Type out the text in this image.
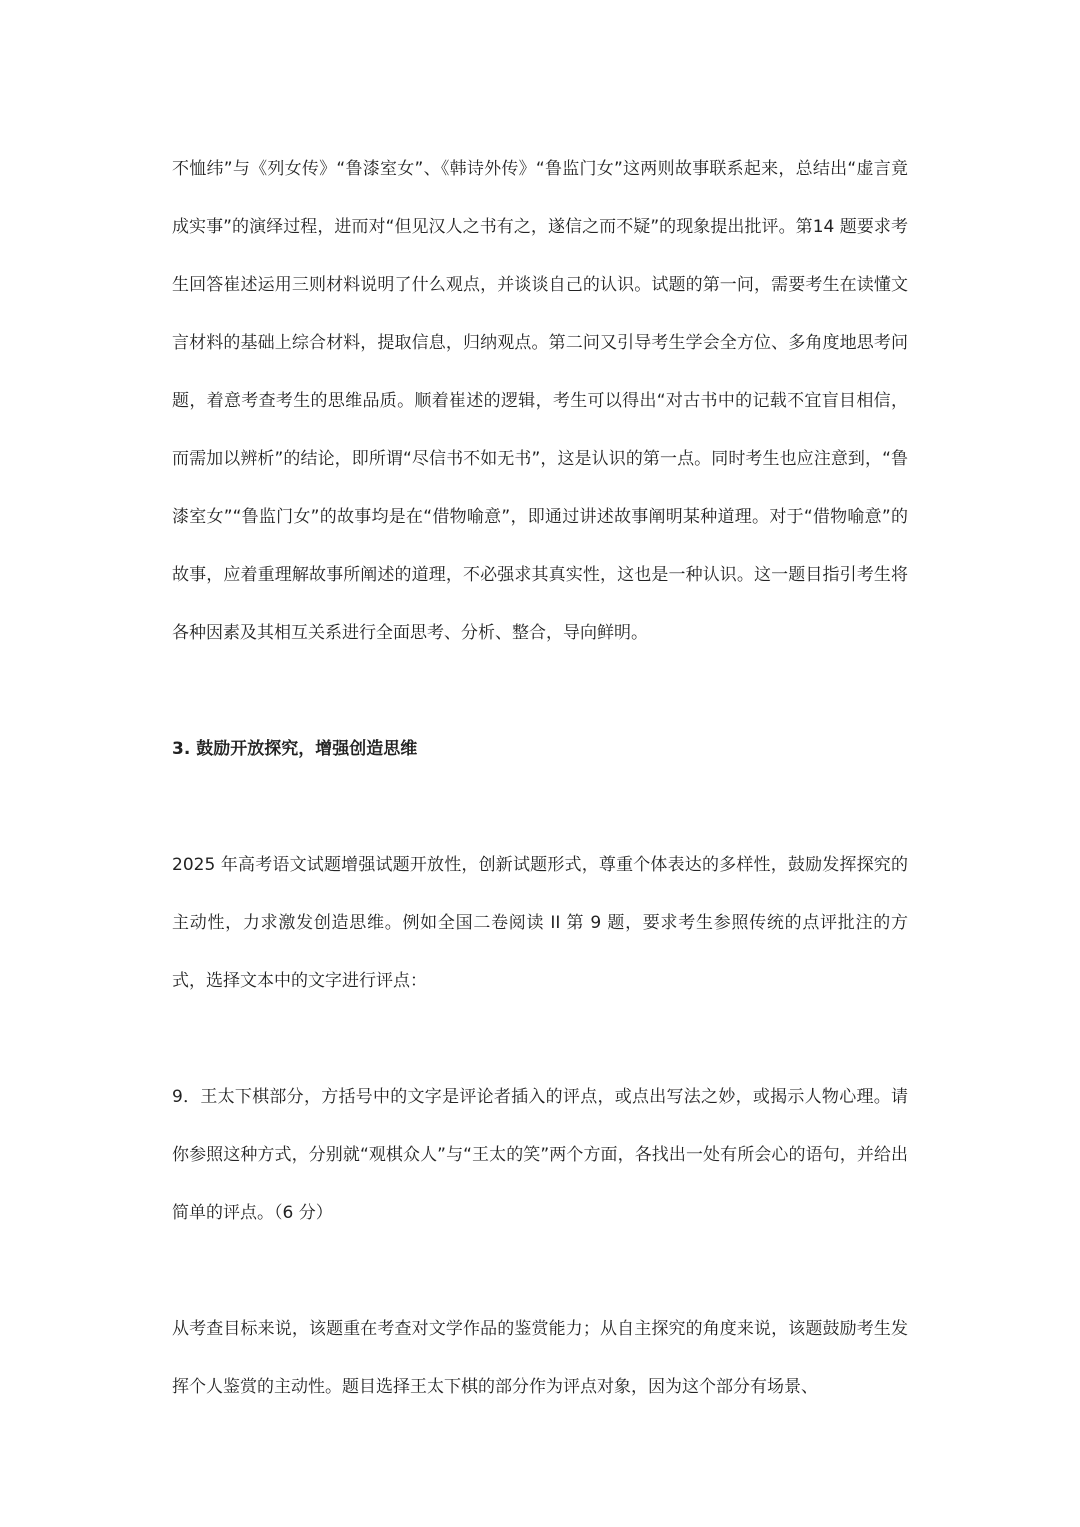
不恤纬”与《列女传》“鲁漆室女”、《韩诗外传》“鲁监门女”这两则故事联系起来，总结出“虚言竟成实事”的演绎过程，进而对“但见汉人之书有之，遂信之而不疑”的现象提出批评。第14 题要求考生回答崔述运用三则材料说明了什么观点，并谈谈自己的认识。试题的第一问，需要考生在读懂文言材料的基础上综合材料，提取信息，归纳观点。第二问又引导考生学会全方位、多角度地思考问题，着意考查考生的思维品质。顺着崔述的逻辑，考生可以得出“对古书中的记载不宜盲目相信，而需加以辨析”的结论，即所谓“尽信书不如无书”，这是认识的第一点。同时考生也应注意到，“鲁漆室女”“鲁监门女”的故事均是在“借物喻意”，即通过讲述故事阐明某种道理。对于“借物喻意”的故事，应着重理解故事所阐述的道理，不必强求其真实性，这也是一种认识。这一题目指引考生将各种因素及其相互关系进行全面思考、分析、整合，导向鲜明。

3. 鼓励开放探究，增强创造思维

2025 年高考语文试题增强试题开放性，创新试题形式，尊重个体表达的多样性，鼓励发挥探究的主动性，力求激发创造思维。例如全国二卷阅读 II 第 9 题，要求考生参照传统的点评批注的方式，选择文本中的文字进行评点：

9．王太下棋部分，方括号中的文字是评论者插入的评点，或点出写法之妙，或揭示人物心理。请你参照这种方式，分别就“观棋众人”与“王太的笑”两个方面，各找出一处有所会心的语句，并给出简单的评点。（6 分）

从考查目标来说，该题重在考查对文学作品的鉴赏能力；从自主探究的角度来说，该题鼓励考生发挥个人鉴赏的主动性。题目选择王太下棋的部分作为评点对象，因为这个部分有场景、
